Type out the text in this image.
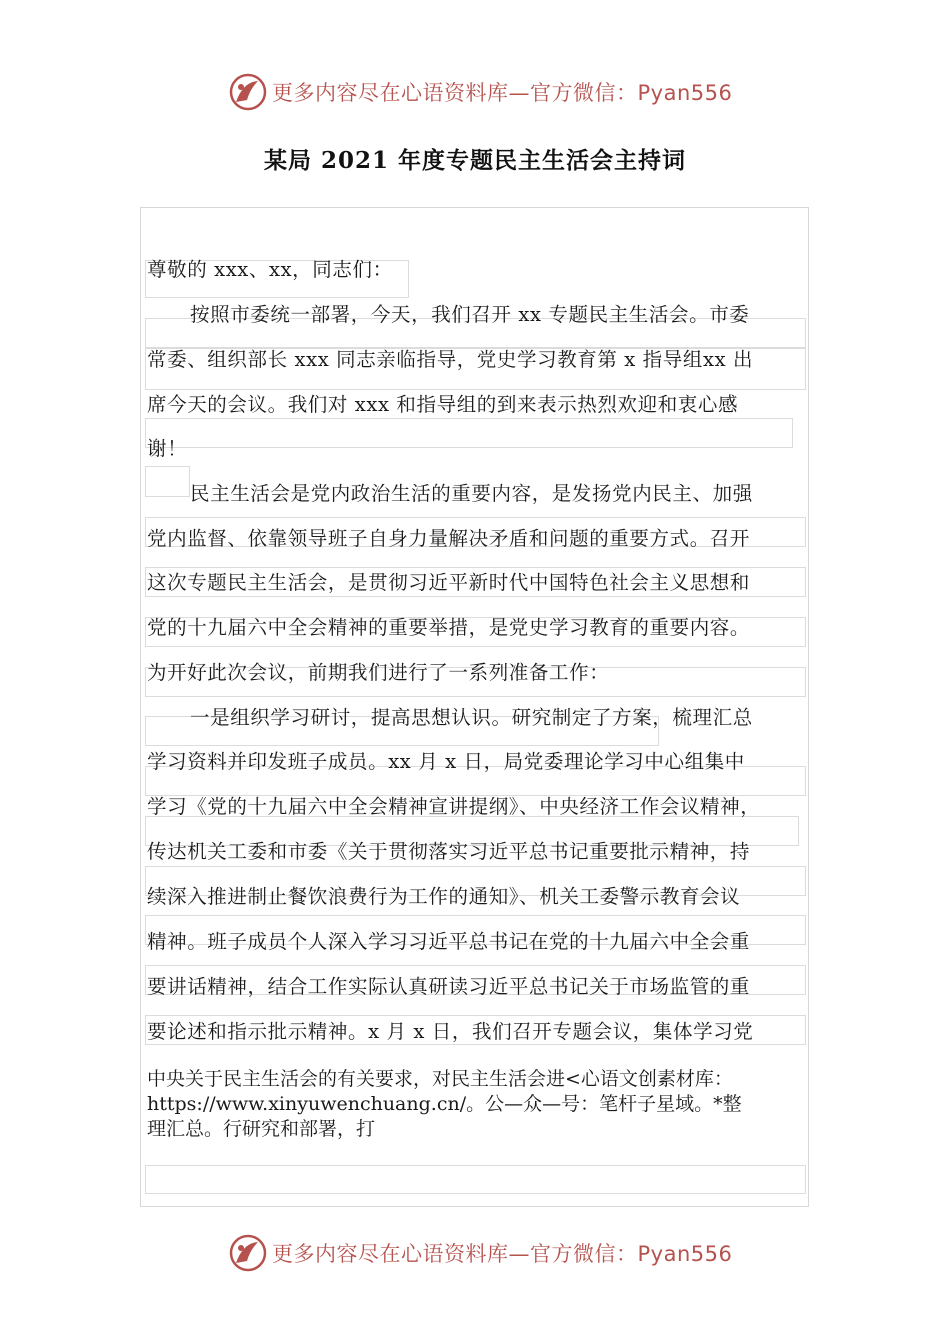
更多内容尽在心语资料库—官方微信：Pyan556
某局 2021 年度专题民主生活会主持词
尊敬的 xxx、xx，同志们：
按照市委统一部署，今天，我们召开 xx 专题民主生活会。市委
常委、组织部长 xxx 同志亲临指导，党史学习教育第 x 指导组xx 出
席今天的会议。我们对 xxx 和指导组的到来表示热烈欢迎和衷心感
谢！
民主生活会是党内政治生活的重要内容，是发扬党内民主、加强
党内监督、依靠领导班子自身力量解决矛盾和问题的重要方式。召开
这次专题民主生活会，是贯彻习近平新时代中国特色社会主义思想和
党的十九届六中全会精神的重要举措，是党史学习教育的重要内容。
为开好此次会议，前期我们进行了一系列准备工作：
一是组织学习研讨，提高思想认识。研究制定了方案，梳理汇总
学习资料并印发班子成员。xx 月 x 日，局党委理论学习中心组集中
学习《党的十九届六中全会精神宣讲提纲》、中央经济工作会议精神，
传达机关工委和市委《关于贯彻落实习近平总书记重要批示精神，持
续深入推进制止餐饮浪费行为工作的通知》、机关工委警示教育会议
精神。班子成员个人深入学习习近平总书记在党的十九届六中全会重
要讲话精神，结合工作实际认真研读习近平总书记关于市场监管的重
要论述和指示批示精神。x 月 x 日，我们召开专题会议，集体学习党
中央关于民主生活会的有关要求，对民主生活会进<心语文创素材库：
https://www.xinyuwenchuang.cn/。公—众—号：笔杆子星域。*整
理汇总。行研究和部署，打
更多内容尽在心语资料库—官方微信：Pyan556
